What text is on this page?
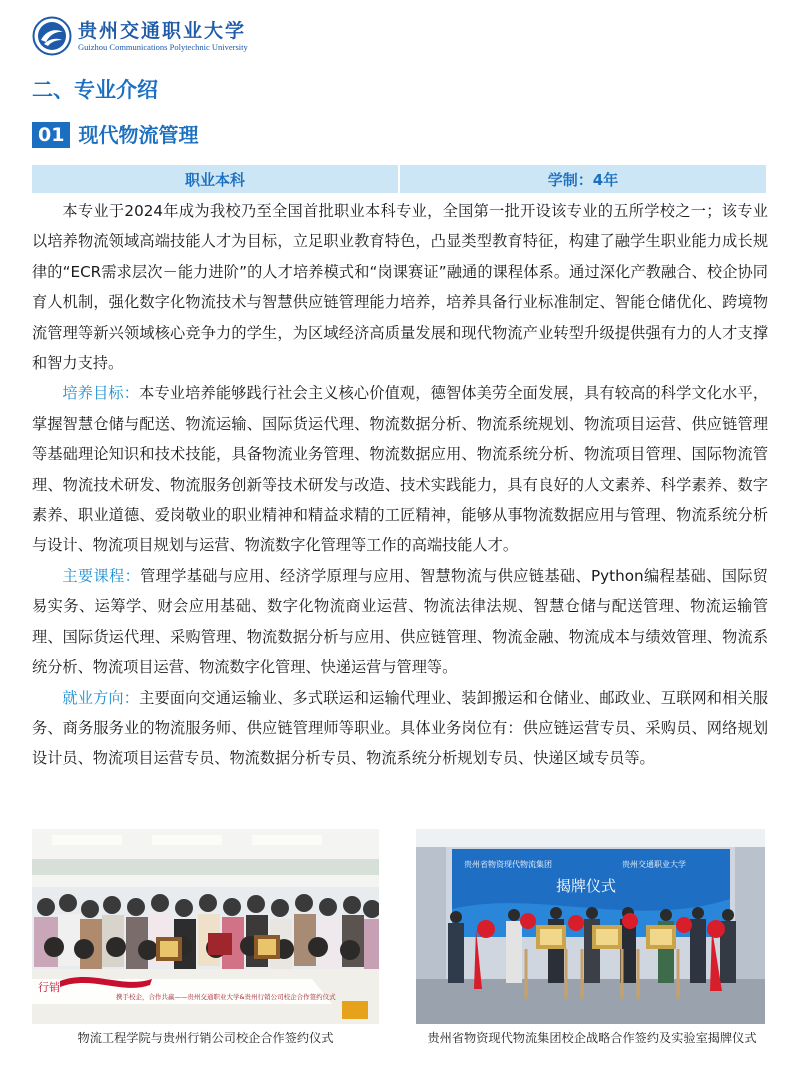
贵州交通职业大学
Guizhou Communications Polytechnic University
二、专业介绍
01 现代物流管理
职业本科	学制：4年

本专业于2024年成为我校乃至全国首批职业本科专业，全国第一批开设该专业的五所学校之一；该专业以培养物流领域高端技能人才为目标，立足职业教育特色，凸显类型教育特征，构建了融学生职业能力成长规律的“ECR需求层次－能力进阶”的人才培养模式和“岗课赛证”融通的课程体系。通过深化产教融合、校企协同育人机制，强化数字化物流技术与智慧供应链管理能力培养，培养具备行业标准制定、智能仓储优化、跨境物流管理等新兴领域核心竞争力的学生，为区域经济高质量发展和现代物流产业转型升级提供强有力的人才支撑和智力支持。

培养目标：本专业培养能够践行社会主义核心价值观，德智体美劳全面发展，具有较高的科学文化水平，掌握智慧仓储与配送、物流运输、国际货运代理、物流数据分析、物流系统规划、物流项目运营、供应链管理等基础理论知识和技术技能，具备物流业务管理、物流数据应用、物流系统分析、物流项目管理、国际物流管理、物流技术研发、物流服务创新等技术研发与改造、技术实践能力，具有良好的人文素养、科学素养、数字素养、职业道德、爱岗敬业的职业精神和精益求精的工匠精神，能够从事物流数据应用与管理、物流系统分析与设计、物流项目规划与运营、物流数字化管理等工作的高端技能人才。

主要课程：管理学基础与应用、经济学原理与应用、智慧物流与供应链基础、Python编程基础、国际贸易实务、运筹学、财会应用基础、数字化物流商业运营、物流法律法规、智慧仓储与配送管理、物流运输管理、国际货运代理、采购管理、物流数据分析与应用、供应链管理、物流金融、物流成本与绩效管理、物流系统分析、物流项目运营、物流数字化管理、快递运营与管理等。

就业方向：主要面向交通运输业、多式联运和运输代理业、装卸搬运和仓储业、邮政业、互联网和相关服务、商务服务业的物流服务师、供应链管理师等职业。具体业务岗位有：供应链运营专员、采购员、网络规划设计员、物流项目运营专员、物流数据分析专员、物流系统分析规划专员、快递区域专员等。

行销
携手校企，合作共赢——贵州交通职业大学&贵州行销公司校企合作签约仪式
物流工程学院与贵州行销公司校企合作签约仪式
贵州省物资现代物流集团	贵州交通职业大学
揭牌仪式
贵州省物资现代物流集团校企战略合作签约及实验室揭牌仪式
